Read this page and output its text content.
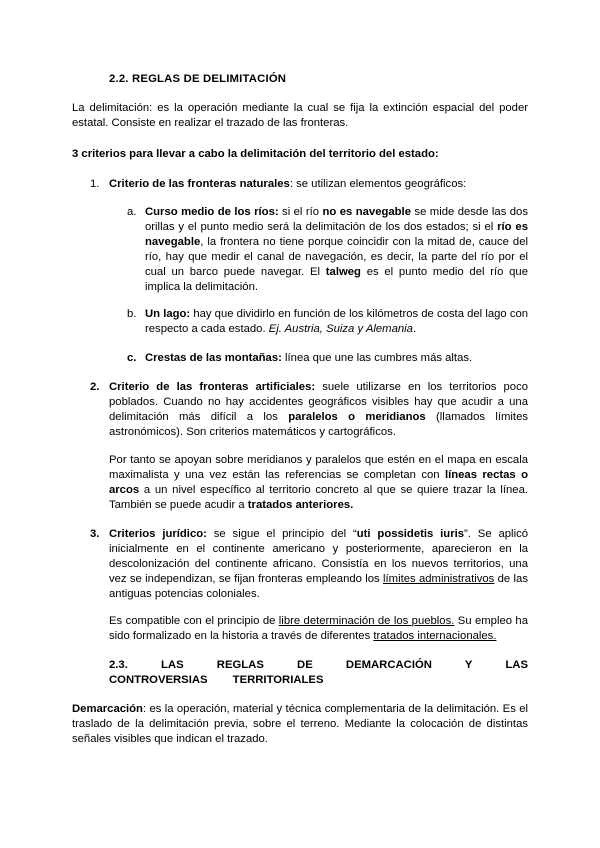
2.2. REGLAS DE DELIMITACIÓN

La delimitación: es la operación mediante la cual se fija la extinción espacial del poder estatal. Consiste en realizar el trazado de las fronteras.

3 criterios para llevar a cabo la delimitación del territorio del estado:

1. Criterio de las fronteras naturales: se utilizan elementos geográficos:

a. Curso medio de los ríos: si el río no es navegable se mide desde las dos orillas y el punto medio será la delimitación de los dos estados; si el río es navegable, la frontera no tiene porque coincidir con la mitad de, cauce del río, hay que medir el canal de navegación, es decir, la parte del río por el cual un barco puede navegar. El talweg es el punto medio del río que implica la delimitación.

b. Un lago: hay que dividirlo en función de los kilómetros de costa del lago con respecto a cada estado. Ej. Austria, Suiza y Alemania.

c. Crestas de las montañas: línea que une las cumbres más altas.

2. Criterio de las fronteras artificiales: suele utilizarse en los territorios poco poblados. Cuando no hay accidentes geográficos visibles hay que acudir a una delimitación más difícil a los paralelos o meridianos (llamados límites astronómicos). Son criterios matemáticos y cartográficos.

Por tanto se apoyan sobre meridianos y paralelos que estén en el mapa en escala maximalista y una vez están las referencias se completan con líneas rectas o arcos a un nivel específico al territorio concreto al que se quiere trazar la línea. También se puede acudir a tratados anteriores.

3. Criterios jurídico: se sigue el principio del “uti possidetis iuris”. Se aplicó inicialmente en el continente americano y posteriormente, aparecieron en la descolonización del continente africano. Consistía en los nuevos territorios, una vez se independizan, se fijan fronteras empleando los límites administrativos de las antiguas potencias coloniales.

Es compatible con el principio de libre determinación de los pueblos. Su empleo ha sido formalizado en la historia a través de diferentes tratados internacionales.

2.3. LAS REGLAS DE DEMARCACIÓN Y LAS CONTROVERSIAS TERRITORIALES

Demarcación: es la operación, material y técnica complementaria de la delimitación. Es el traslado de la delimitación previa, sobre el terreno. Mediante la colocación de distintas señales visibles que indican el trazado.
